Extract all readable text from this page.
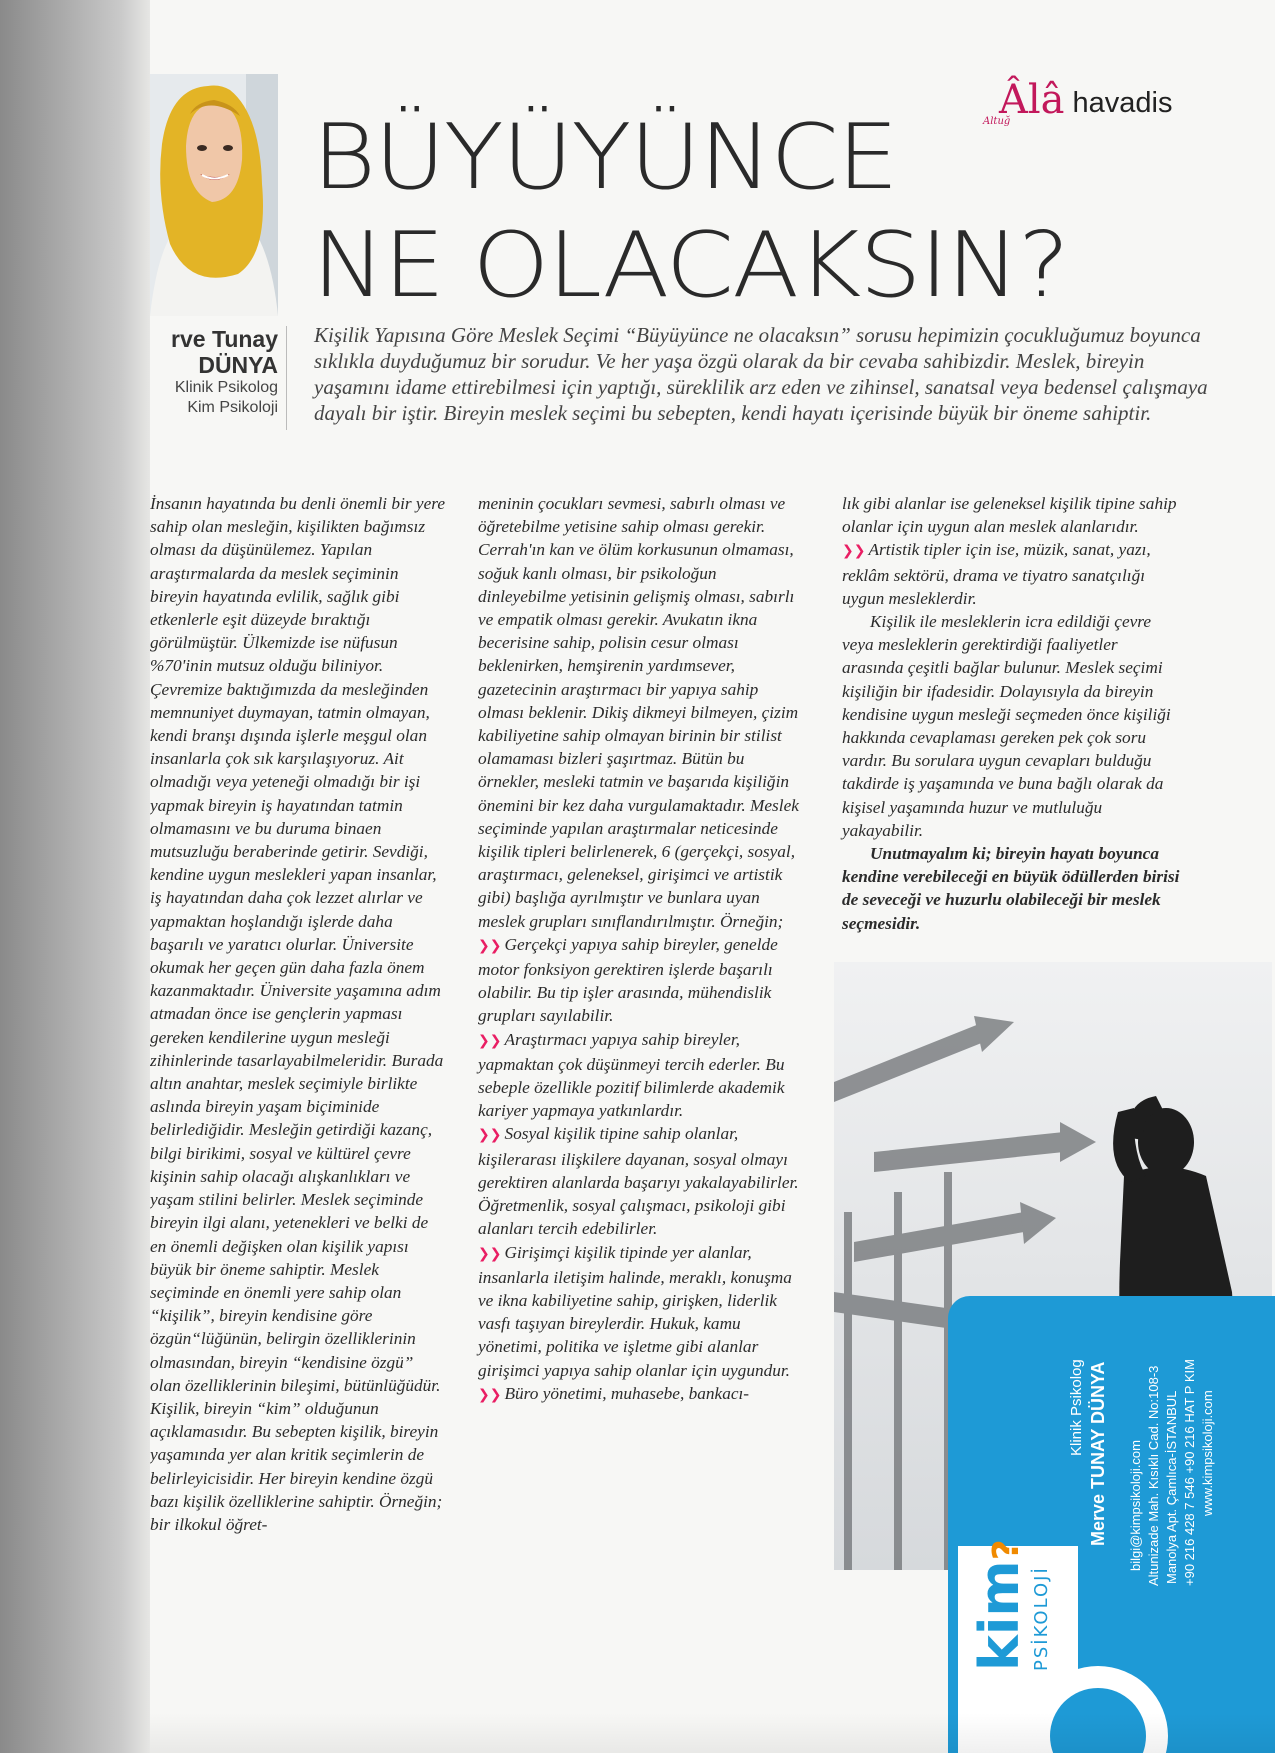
Altuğ
Âlâ havadis
rve Tunay
DÜNYA
Klinik Psikolog
Kim Psikoloji
BÜYÜYÜNCE
NE OLACAKSIN?
Kişilik Yapısına Göre Meslek Seçimi “Büyüyünce ne olacaksın” sorusu hepimizin çocukluğumuz boyunca sıklıkla duyduğumuz bir sorudur. Ve her yaşa özgü olarak da bir cevaba sahibizdir. Meslek, bireyin yaşamını idame ettirebilmesi için yaptığı, süreklilik arz eden ve zihinsel, sanatsal veya bedensel çalışmaya dayalı bir iştir. Bireyin meslek seçimi bu sebepten, kendi hayatı içerisinde büyük bir öneme sahiptir.

İnsanın hayatında bu denli önemli bir yere sahip olan mesleğin, kişilikten bağımsız olması da düşünülemez. Yapılan araştırmalarda da meslek seçiminin bireyin hayatında evlilik, sağlık gibi etkenlerle eşit düzeyde bıraktığı görülmüştür. Ülkemizde ise nüfusun %70'inin mutsuz olduğu biliniyor. Çevremize baktığımızda da mesleğinden memnuniyet duymayan, tatmin olmayan, kendi branşı dışında işlerle meşgul olan insanlarla çok sık karşılaşıyoruz. Ait olmadığı veya yeteneği olmadığı bir işi yapmak bireyin iş hayatından tatmin olmamasını ve bu duruma binaen mutsuzluğu beraberinde getirir. Sevdiği, kendine uygun meslekleri yapan insanlar, iş hayatından daha çok lezzet alırlar ve yapmaktan hoşlandığı işlerde daha başarılı ve yaratıcı olurlar. Üniversite okumak her geçen gün daha fazla önem kazanmaktadır. Üniversite yaşamına adım atmadan önce ise gençlerin yapması gereken kendilerine uygun mesleği zihinlerinde tasarlayabilmeleridir. Burada altın anahtar, meslek seçimiyle birlikte aslında bireyin yaşam biçiminide belirlediğidir. Mesleğin getirdiği kazanç, bilgi birikimi, sosyal ve kültürel çevre kişinin sahip olacağı alışkanlıkları ve yaşam stilini belirler. Meslek seçiminde bireyin ilgi alanı, yetenekleri ve belki de en önemli değişken olan kişilik yapısı büyük bir öneme sahiptir. Meslek seçiminde en önemli yere sahip olan “kişilik”, bireyin kendisine göre özgün“lüğünün, belirgin özelliklerinin olmasından, bireyin “kendisine özgü” olan özelliklerinin bileşimi, bütünlüğüdür. Kişilik, bireyin “kim” olduğunun açıklamasıdır. Bu sebepten kişilik, bireyin yaşamında yer alan kritik seçimlerin de belirleyicisidir. Her bireyin kendine özgü bazı kişilik özelliklerine sahiptir. Örneğin; bir ilkokul öğret-

meninin çocukları sevmesi, sabırlı olması ve öğretebilme yetisine sahip olması gerekir. Cerrah'ın kan ve ölüm korkusunun olmaması, soğuk kanlı olması, bir psikoloğun dinleyebilme yetisinin gelişmiş olması, sabırlı ve empatik olması gerekir. Avukatın ikna becerisine sahip, polisin cesur olması beklenirken, hemşirenin yardımsever, gazetecinin araştırmacı bir yapıya sahip olması beklenir. Dikiş dikmeyi bilmeyen, çizim kabiliyetine sahip olmayan birinin bir stilist olamaması bizleri şaşırtmaz. Bütün bu örnekler, mesleki tatmin ve başarıda kişiliğin önemini bir kez daha vurgulamaktadır. Meslek seçiminde yapılan araştırmalar neticesinde kişilik tipleri belirlenerek, 6 (gerçekçi, sosyal, araştırmacı, geleneksel, girişimci ve artistik gibi) başlığa ayrılmıştır ve bunlara uyan meslek grupları sınıflandırılmıştır. Örneğin;

❯❯ Gerçekçi yapıya sahip bireyler, genelde motor fonksiyon gerektiren işlerde başarılı olabilir. Bu tip işler arasında, mühendislik grupları sayılabilir.

❯❯ Araştırmacı yapıya sahip bireyler, yapmaktan çok düşünmeyi tercih ederler. Bu sebeple özellikle pozitif bilimlerde akademik kariyer yapmaya yatkınlardır.

❯❯ Sosyal kişilik tipine sahip olanlar, kişilerarası ilişkilere dayanan, sosyal olmayı gerektiren alanlarda başarıyı yakalayabilirler. Öğretmenlik, sosyal çalışmacı, psikoloji gibi alanları tercih edebilirler.

❯❯ Girişimçi kişilik tipinde yer alanlar, insanlarla iletişim halinde, meraklı, konuşma ve ikna kabiliyetine sahip, girişken, liderlik vasfı taşıyan bireylerdir. Hukuk, kamu yönetimi, politika ve işletme gibi alanlar girişimci yapıya sahip olanlar için uygundur.

❯❯ Büro yönetimi, muhasebe, bankacı-

lık gibi alanlar ise geleneksel kişilik tipine sahip olanlar için uygun alan meslek alanlarıdır.

❯❯ Artistik tipler için ise, müzik, sanat, yazı, reklâm sektörü, drama ve tiyatro sanatçılığı uygun mesleklerdir.

Kişilik ile mesleklerin icra edildiği çevre veya mesleklerin gerektirdiği faaliyetler arasında çeşitli bağlar bulunur. Meslek seçimi kişiliğin bir ifadesidir. Dolayısıyla da bireyin kendisine uygun mesleği seçmeden önce kişiliği hakkında cevaplaması gereken pek çok soru vardır. Bu sorulara uygun cevapları bulduğu takdirde iş yaşamında ve buna bağlı olarak da kişisel yaşamında huzur ve mutluluğu yakayabilir.

Unutmayalım ki; bireyin hayatı boyunca kendine verebileceği en büyük ödüllerden birisi de seveceği ve huzurlu olabileceği bir meslek seçmesidir.

kim?
PSİKOLOJİ
Klinik Psikolog Merve TUNAY DÜNYA bilgi@kimpsikoloji.com Altunizade Mah. Kısıklı Cad. No:108-3 Manolya Apt. Çamlıca-İSTANBUL +90 216 428 7 546 +90 216 HAT P KIM www.kimpsikoloji.com
